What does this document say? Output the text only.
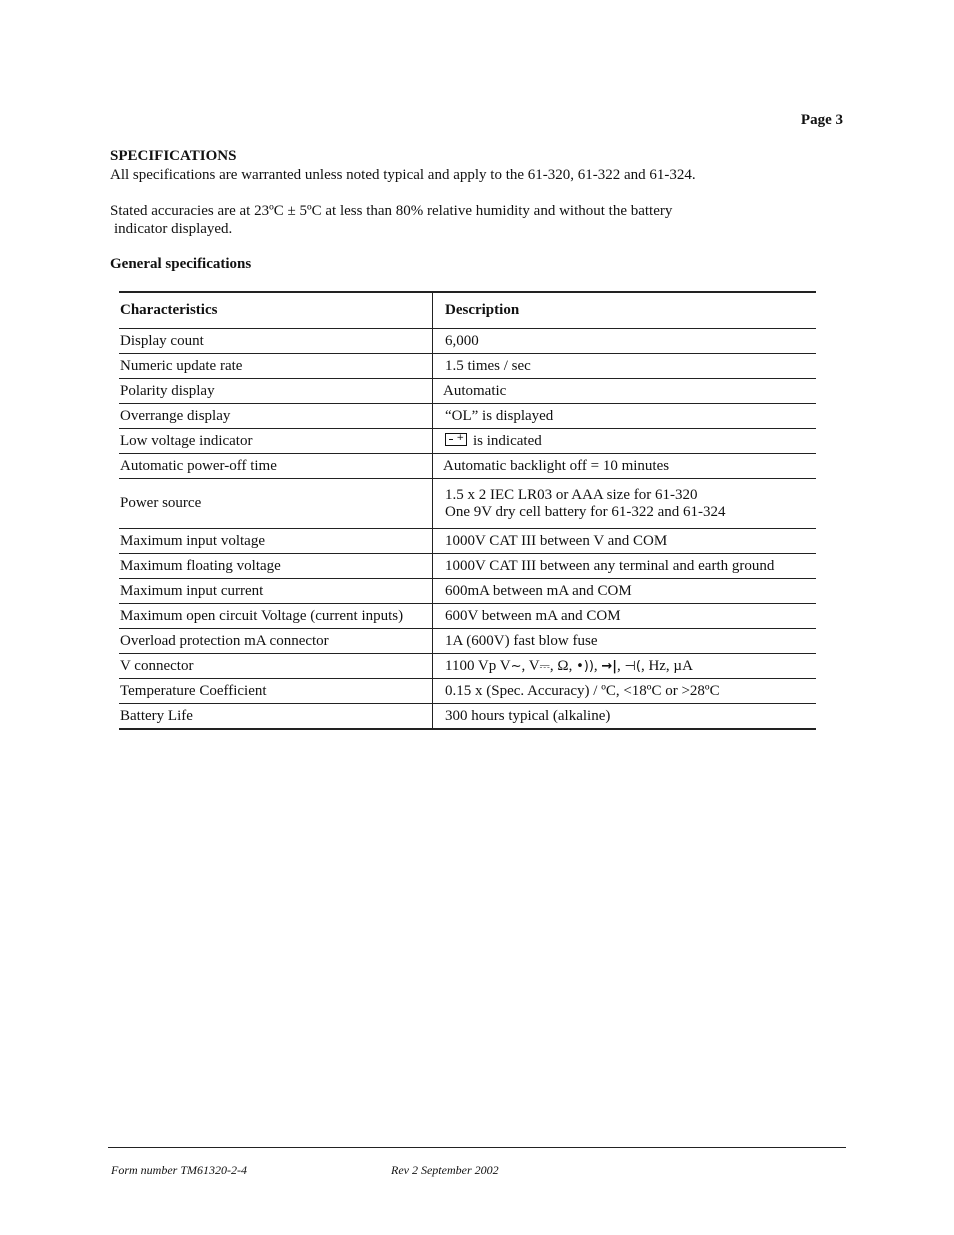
Page 3
SPECIFICATIONS
All specifications are warranted unless noted typical and apply to the 61-320, 61-322 and 61-324.
Stated accuracies are at 23ºC ± 5ºC at less than 80% relative humidity and without the battery
indicator displayed.
General specifications
Characteristics	Description
Display count	6,000
Numeric update rate	1.5 times / sec
Polarity display	Automatic
Overrange display	“OL” is displayed
Low voltage indicator	+is indicated
Automatic power-off time	Automatic backlight off = 10 minutes
Power source	1.5 x 2 IEC LR03 or AAA size for 61-320
One 9V dry cell battery for 61-322 and 61-324

Maximum input voltage	1000V CAT III between V and COM
Maximum floating voltage	1000V CAT III between any terminal and earth ground
Maximum input current	600mA between mA and COM
Maximum open circuit Voltage (current inputs)	600V between mA and COM
Overload protection mA connector	1A (600V) fast blow fuse
V connector	1100 Vp V~, V⎓, Ω, •)), →|, ⊣(, Hz, µA
Temperature Coefficient	0.15 x (Spec. Accuracy) / ºC, <18ºC or >28ºC
Battery Life	300 hours typical (alkaline)
Form number TM61320-2-4	Rev 2 September 2002
